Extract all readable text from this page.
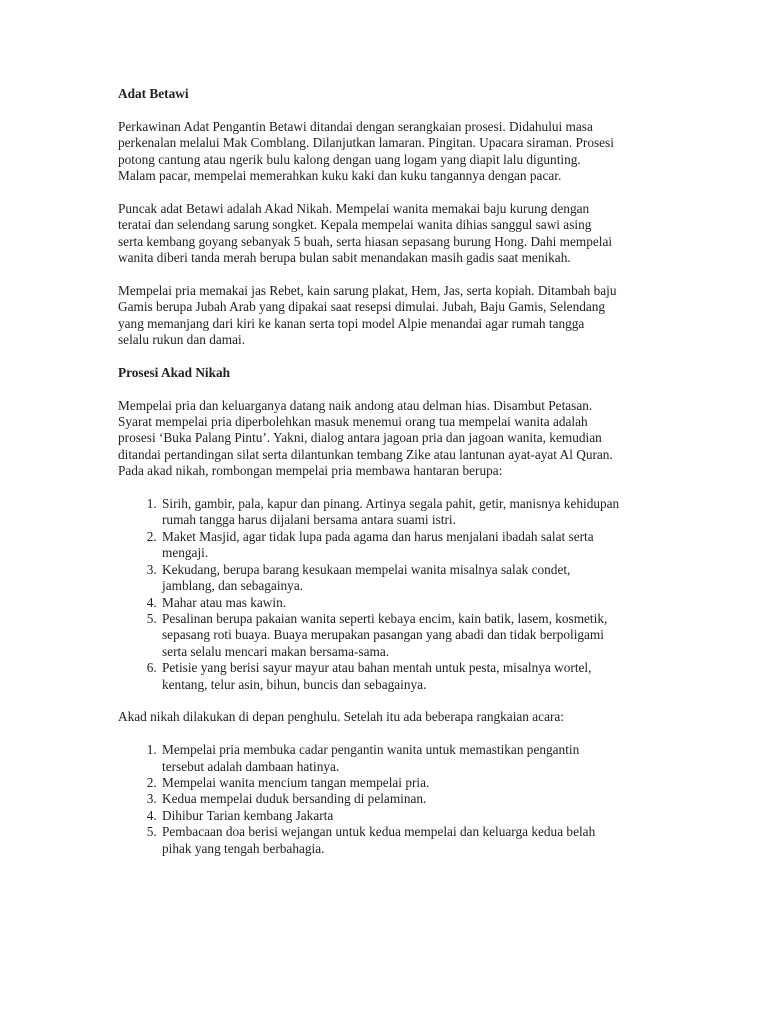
Adat Betawi

Perkawinan Adat Pengantin Betawi ditandai dengan serangkaian prosesi. Didahului masa
perkenalan melalui Mak Comblang. Dilanjutkan lamaran. Pingitan. Upacara siraman. Prosesi
potong cantung atau ngerik bulu kalong dengan uang logam yang diapit lalu digunting.
Malam pacar, mempelai memerahkan kuku kaki dan kuku tangannya dengan pacar.

Puncak adat Betawi adalah Akad Nikah. Mempelai wanita memakai baju kurung dengan
teratai dan selendang sarung songket. Kepala mempelai wanita dihias sanggul sawi asing
serta kembang goyang sebanyak 5 buah, serta hiasan sepasang burung Hong. Dahi mempelai
wanita diberi tanda merah berupa bulan sabit menandakan masih gadis saat menikah.

Mempelai pria memakai jas Rebet, kain sarung plakat, Hem, Jas, serta kopiah. Ditambah baju
Gamis berupa Jubah Arab yang dipakai saat resepsi dimulai. Jubah, Baju Gamis, Selendang
yang memanjang dari kiri ke kanan serta topi model Alpie menandai agar rumah tangga
selalu rukun dan damai.

Prosesi Akad Nikah

Mempelai pria dan keluarganya datang naik andong atau delman hias. Disambut Petasan.
Syarat mempelai pria diperbolehkan masuk menemui orang tua mempelai wanita adalah
prosesi ‘Buka Palang Pintu’. Yakni, dialog antara jagoan pria dan jagoan wanita, kemudian
ditandai pertandingan silat serta dilantunkan tembang Zike atau lantunan ayat-ayat Al Quran.
Pada akad nikah, rombongan mempelai pria membawa hantaran berupa:

1. Sirih, gambir, pala, kapur dan pinang. Artinya segala pahit, getir, manisnya kehidupan
rumah tangga harus dijalani bersama antara suami istri.
2. Maket Masjid, agar tidak lupa pada agama dan harus menjalani ibadah salat serta
mengaji.
3. Kekudang, berupa barang kesukaan mempelai wanita misalnya salak condet,
jamblang, dan sebagainya.
4. Mahar atau mas kawin.
5. Pesalinan berupa pakaian wanita seperti kebaya encim, kain batik, lasem, kosmetik,
sepasang roti buaya. Buaya merupakan pasangan yang abadi dan tidak berpoligami
serta selalu mencari makan bersama-sama.
6. Petisie yang berisi sayur mayur atau bahan mentah untuk pesta, misalnya wortel,
kentang, telur asin, bihun, buncis dan sebagainya.

Akad nikah dilakukan di depan penghulu. Setelah itu ada beberapa rangkaian acara:

1. Mempelai pria membuka cadar pengantin wanita untuk memastikan pengantin
tersebut adalah dambaan hatinya.
2. Mempelai wanita mencium tangan mempelai pria.
3. Kedua mempelai duduk bersanding di pelaminan.
4. Dihibur Tarian kembang Jakarta
5. Pembacaan doa berisi wejangan untuk kedua mempelai dan keluarga kedua belah
pihak yang tengah berbahagia.
